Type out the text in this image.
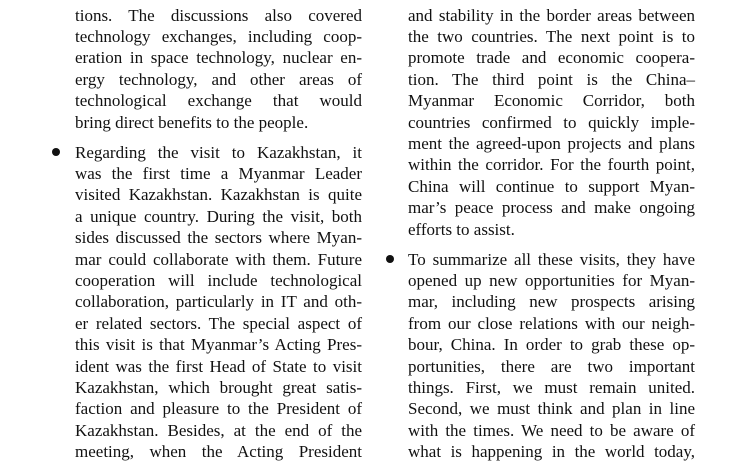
tions. The discussions also covered
technology exchanges, including coop-
eration in space technology, nuclear en-
ergy technology, and other areas of
technological exchange that would
bring direct benefits to the people.
Regarding the visit to Kazakhstan, it
was the first time a Myanmar Leader
visited Kazakhstan. Kazakhstan is quite
a unique country. During the visit, both
sides discussed the sectors where Myan-
mar could collaborate with them. Future
cooperation will include technological
collaboration, particularly in IT and oth-
er related sectors. The special aspect of
this visit is that Myanmar’s Acting Pres-
ident was the first Head of State to visit
Kazakhstan, which brought great satis-
faction and pleasure to the President of
Kazakhstan. Besides, at the end of the
meeting, when the Acting President
and stability in the border areas between
the two countries. The next point is to
promote trade and economic coopera-
tion. The third point is the China–
Myanmar Economic Corridor, both
countries confirmed to quickly imple-
ment the agreed-upon projects and plans
within the corridor. For the fourth point,
China will continue to support Myan-
mar’s peace process and make ongoing
efforts to assist.
To summarize all these visits, they have
opened up new opportunities for Myan-
mar, including new prospects arising
from our close relations with our neigh-
bour, China. In order to grab these op-
portunities, there are two important
things. First, we must remain united.
Second, we must think and plan in line
with the times. We need to be aware of
what is happening in the world today,
